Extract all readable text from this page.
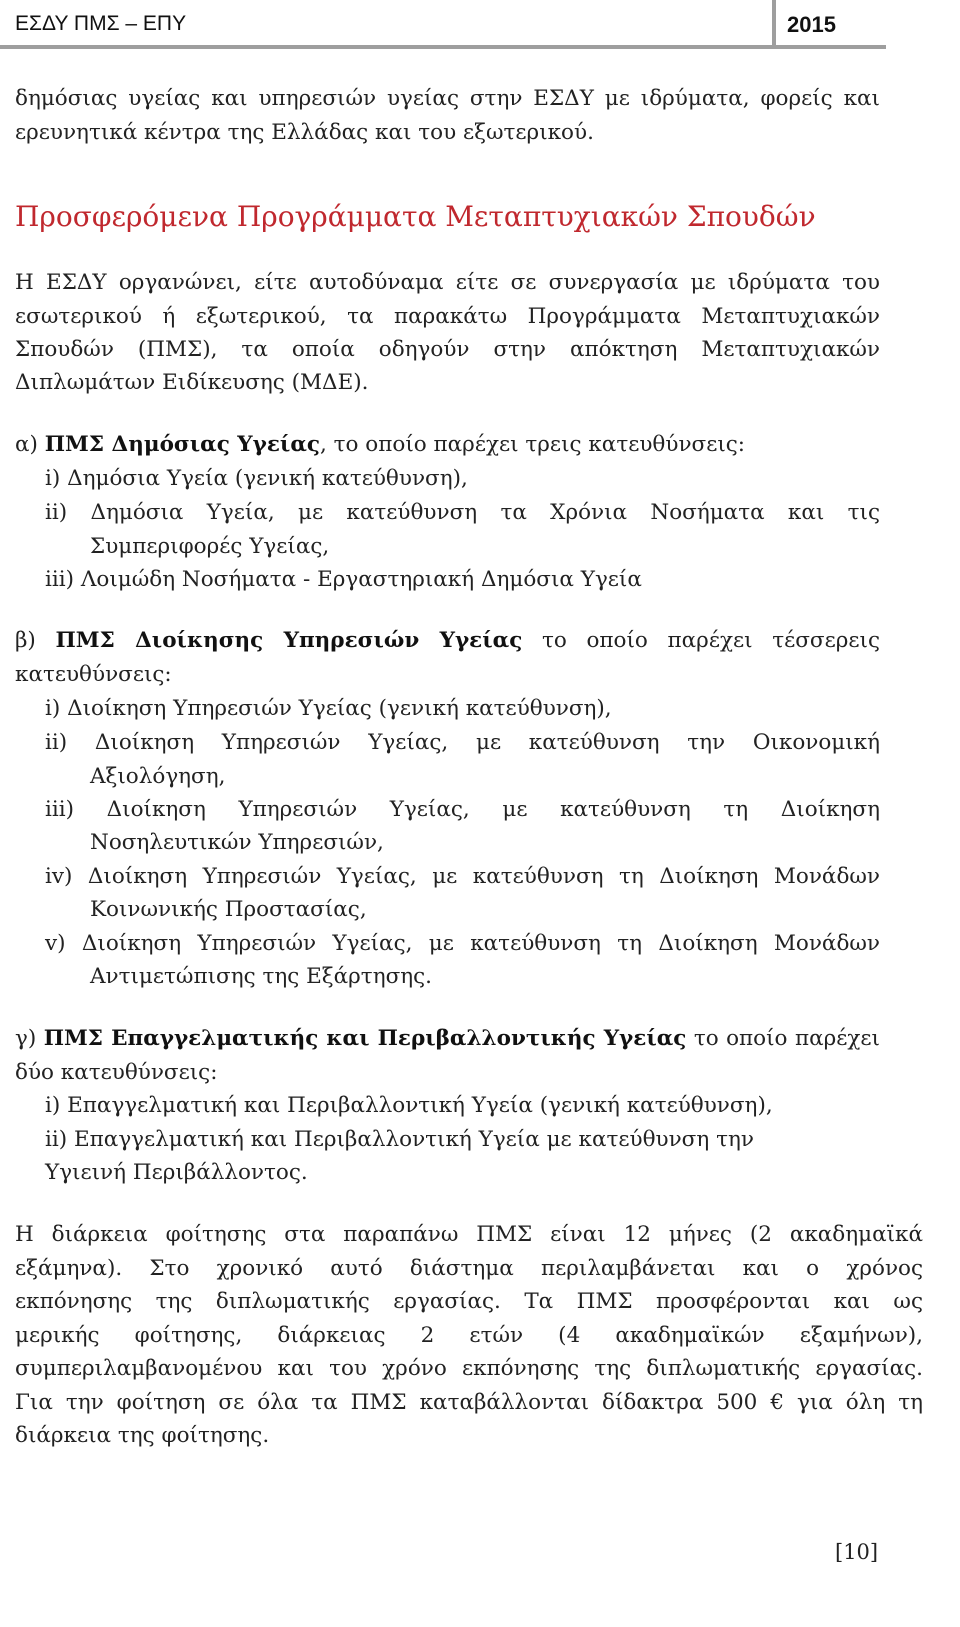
ΕΣΔΥ ΠΜΣ – ΕΠΥ	2015
δημόσιας υγείας και υπηρεσιών υγείας στην ΕΣΔΥ με ιδρύματα, φορείς και
ερευνητικά κέντρα της Ελλάδας και του εξωτερικού.
Προσφερόμενα Προγράμματα Μεταπτυχιακών Σπουδών
Η ΕΣΔΥ οργανώνει, είτε αυτοδύναμα είτε σε συνεργασία με ιδρύματα του
εσωτερικού ή εξωτερικού, τα παρακάτω Προγράμματα Μεταπτυχιακών
Σπουδών (ΠΜΣ), τα οποία οδηγούν στην απόκτηση Μεταπτυχιακών
Διπλωμάτων Ειδίκευσης (ΜΔΕ).
α) ΠΜΣ Δημόσιας Υγείας, το οποίο παρέχει τρεις κατευθύνσεις:
i) Δημόσια Υγεία (γενική κατεύθυνση),
ii) Δημόσια Υγεία, με κατεύθυνση τα Χρόνια Νοσήματα και τις
Συμπεριφορές Υγείας,
iii) Λοιμώδη Νοσήματα - Εργαστηριακή Δημόσια Υγεία
β) ΠΜΣ Διοίκησης Υπηρεσιών Υγείας το οποίο παρέχει τέσσερεις
κατευθύνσεις:
i) Διοίκηση Υπηρεσιών Υγείας (γενική κατεύθυνση),
ii) Διοίκηση Υπηρεσιών Υγείας, με κατεύθυνση την Οικονομική
Αξιολόγηση,
iii) Διοίκηση Υπηρεσιών Υγείας, με κατεύθυνση τη Διοίκηση
Νοσηλευτικών Υπηρεσιών,
iv) Διοίκηση Υπηρεσιών Υγείας, με κατεύθυνση τη Διοίκηση Μονάδων
Κοινωνικής Προστασίας,
v) Διοίκηση Υπηρεσιών Υγείας, με κατεύθυνση τη Διοίκηση Μονάδων
Αντιμετώπισης της Εξάρτησης.
γ) ΠΜΣ Επαγγελματικής και Περιβαλλοντικής Υγείας το οποίο παρέχει
δύο κατευθύνσεις:
i) Επαγγελματική και Περιβαλλοντική Υγεία (γενική κατεύθυνση),
ii) Επαγγελματική και Περιβαλλοντική Υγεία με κατεύθυνση την
Υγιεινή Περιβάλλοντος.
Η διάρκεια φοίτησης στα παραπάνω ΠΜΣ είναι 12 μήνες (2 ακαδημαϊκά
εξάμηνα). Στο χρονικό αυτό διάστημα περιλαμβάνεται και ο χρόνος
εκπόνησης της διπλωματικής εργασίας. Τα ΠΜΣ προσφέρονται και ως
μερικής φοίτησης, διάρκειας 2 ετών (4 ακαδημαϊκών εξαμήνων),
συμπεριλαμβανομένου και του χρόνο εκπόνησης της διπλωματικής εργασίας.
Για την φοίτηση σε όλα τα ΠΜΣ καταβάλλονται δίδακτρα 500 € για όλη τη
διάρκεια της φοίτησης.
[10]
